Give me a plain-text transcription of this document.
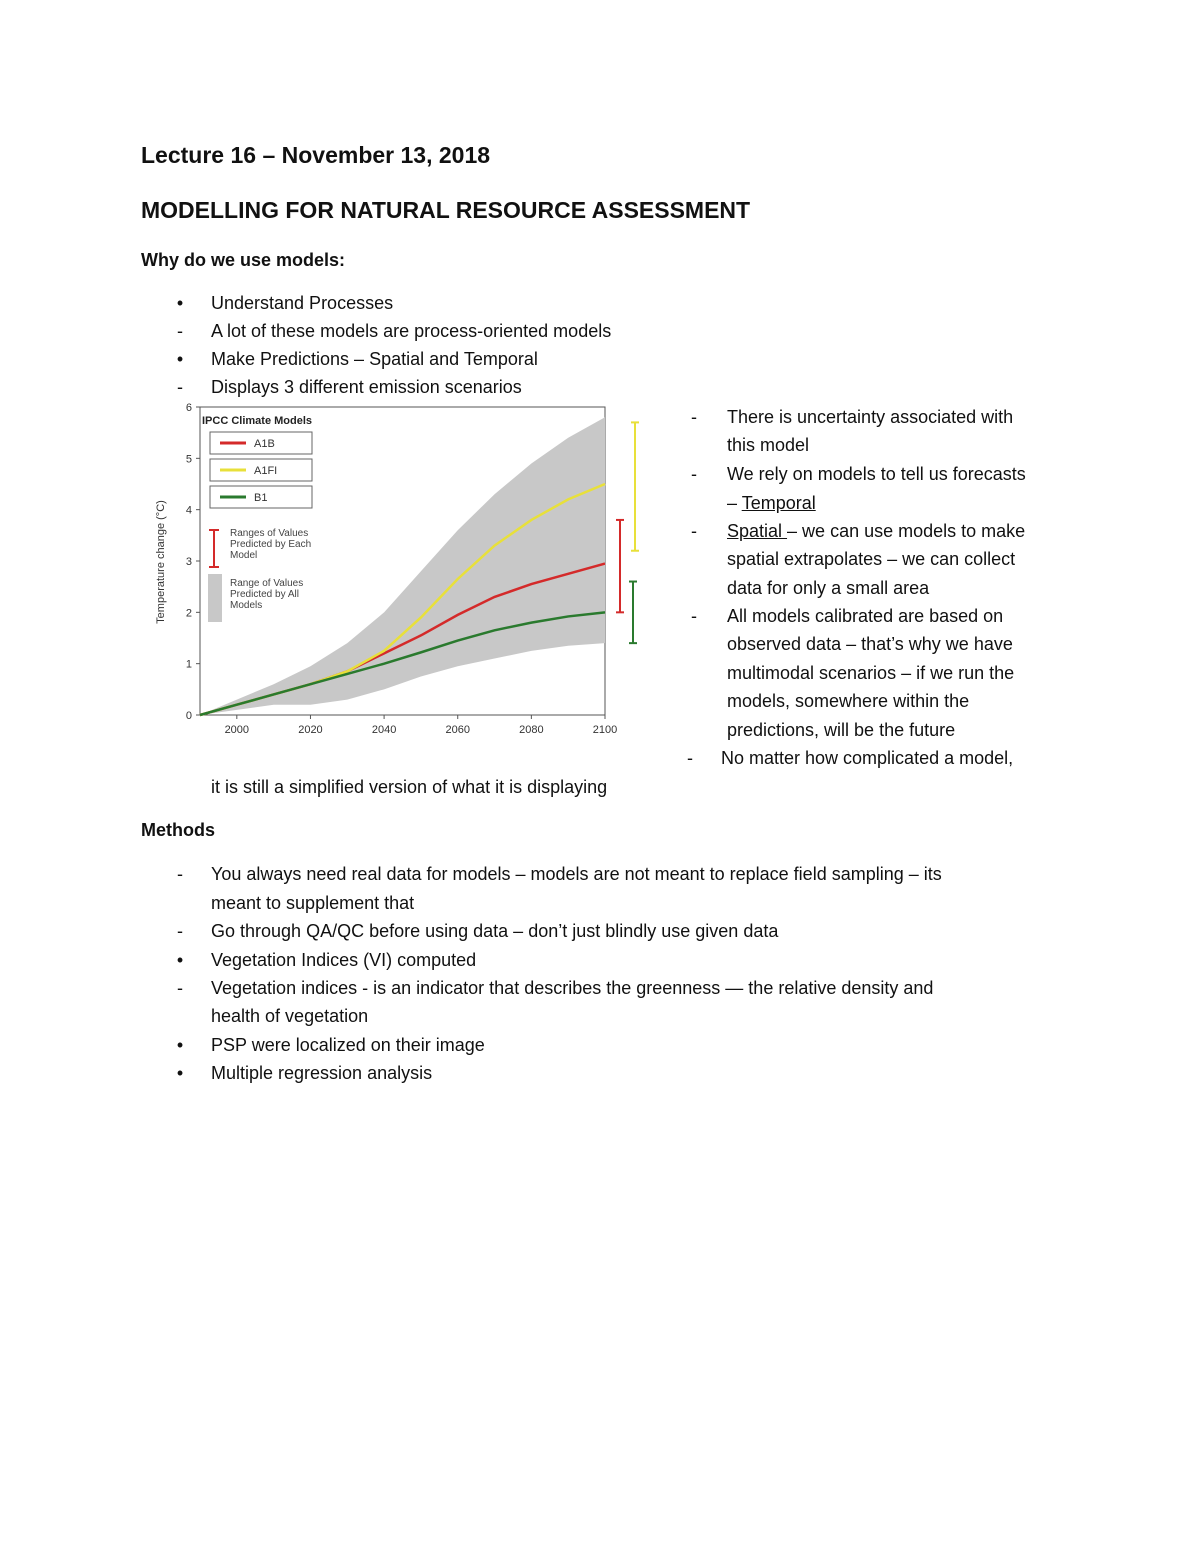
Lecture 16 – November 13, 2018
MODELLING FOR NATURAL RESOURCE ASSESSMENT
Why do we use models:
•	Understand Processes
-	A lot of these models are process-oriented models
•	Make Predictions – Spatial and Temporal
-	Displays 3 different emission scenarios
0
1
2
3
4
5
6
2000	2020	2040	2060	2080	2100
Temperature change (°C)
IPCC Climate Models
A1B
A1FI
B1
Ranges of Values Predicted by Each Model
Range of Values Predicted by All Models
-	There is uncertainty associated with
this model
-	We rely on models to tell us forecasts
– Temporal
-	Spatial – we can use models to make
spatial extrapolates – we can collect
data for only a small area
-	All models calibrated are based on
observed data – that’s why we have
multimodal scenarios – if we run the
models, somewhere within the
predictions, will be the future
-	No matter how complicated a model,
it is still a simplified version of what it is displaying
Methods
-	You always need real data for models – models are not meant to replace field sampling – its
meant to supplement that
-	Go through QA/QC before using data – don’t just blindly use given data
•	Vegetation Indices (VI) computed
-	Vegetation indices - is an indicator that describes the greenness — the relative density and
health of vegetation
•	PSP were localized on their image
•	Multiple regression analysis
